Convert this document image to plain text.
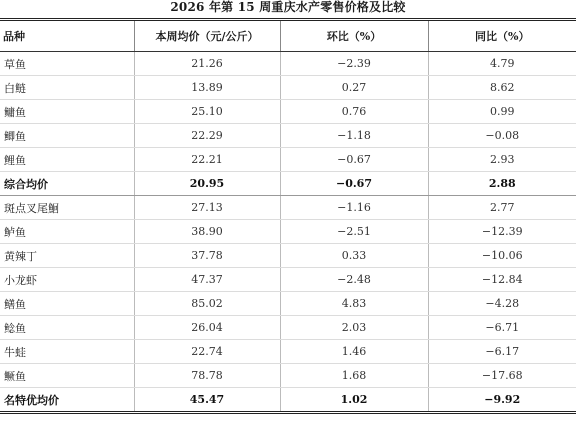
2026 年第 15 周重庆水产零售价格及比较
品种	本周均价（元/公斤）	环比（%）	同比（%）
草鱼	21.26	−2.39	4.79
白鲢	13.89	0.27	8.62
鳙鱼	25.10	0.76	0.99
鲫鱼	22.29	−1.18	−0.08
鲤鱼	22.21	−0.67	2.93
综合均价	20.95	−0.67	2.88
斑点叉尾鮰	27.13	−1.16	2.77
鲈鱼	38.90	−2.51	−12.39
黄辣丁	37.78	0.33	−10.06
小龙虾	47.37	−2.48	−12.84
鳝鱼	85.02	4.83	−4.28
鲶鱼	26.04	2.03	−6.71
牛蛙	22.74	1.46	−6.17
鳜鱼	78.78	1.68	−17.68
名特优均价	45.47	1.02	−9.92
